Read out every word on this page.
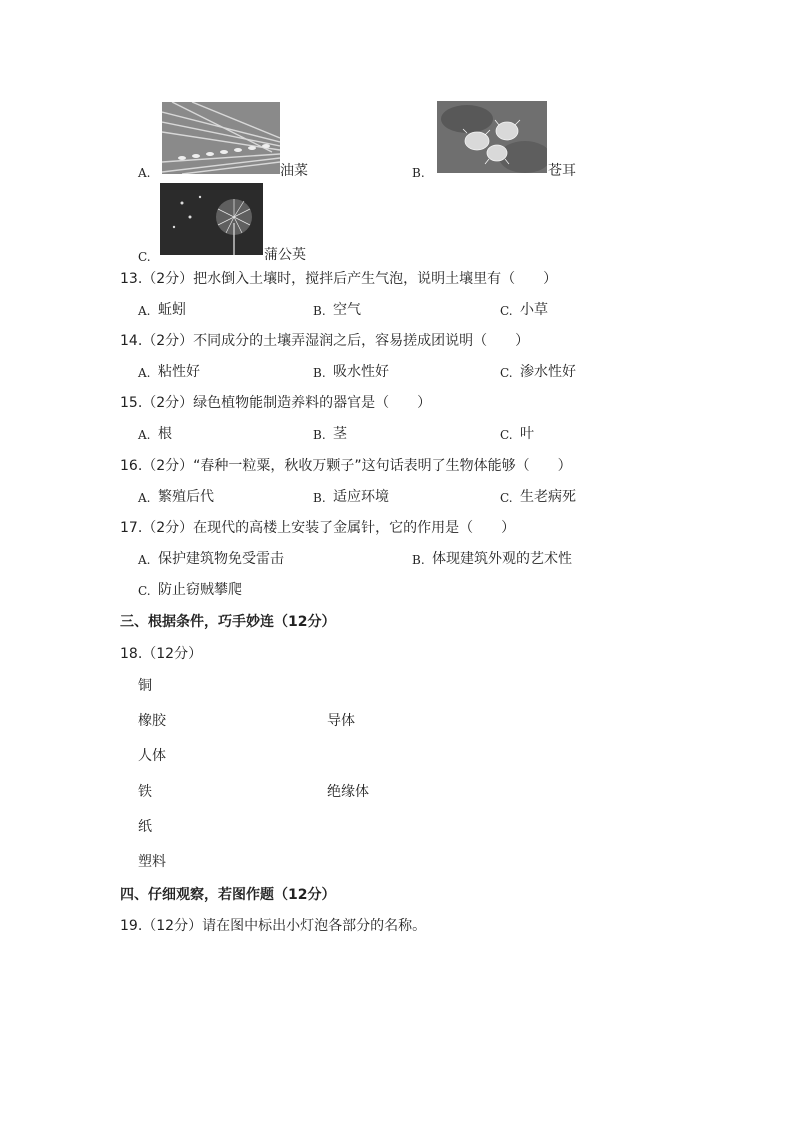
A.	油菜	B.	苍耳
C.	蒲公英
13.（2分）把水倒入土壤时，搅拌后产生气泡，说明土壤里有（　　）
A. 蚯蚓	B. 空气	C. 小草
14.（2分）不同成分的土壤弄湿润之后，容易搓成团说明（　　）
A. 粘性好	B. 吸水性好	C. 渗水性好
15.（2分）绿色植物能制造养料的器官是（　　）
A. 根	B. 茎	C. 叶
16.（2分）“春种一粒粟，秋收万颗子”这句话表明了生物体能够（　　）
A. 繁殖后代	B. 适应环境	C. 生老病死
17.（2分）在现代的高楼上安装了金属针，它的作用是（　　）
A. 保护建筑物免受雷击	B. 体现建筑外观的艺术性
C. 防止窃贼攀爬
三、根据条件，巧手妙连（12分）
18.（12分）
铜
橡胶
人体
铁
纸
塑料
导体
绝缘体
四、仔细观察，若图作题（12分）
19.（12分）请在图中标出小灯泡各部分的名称。
